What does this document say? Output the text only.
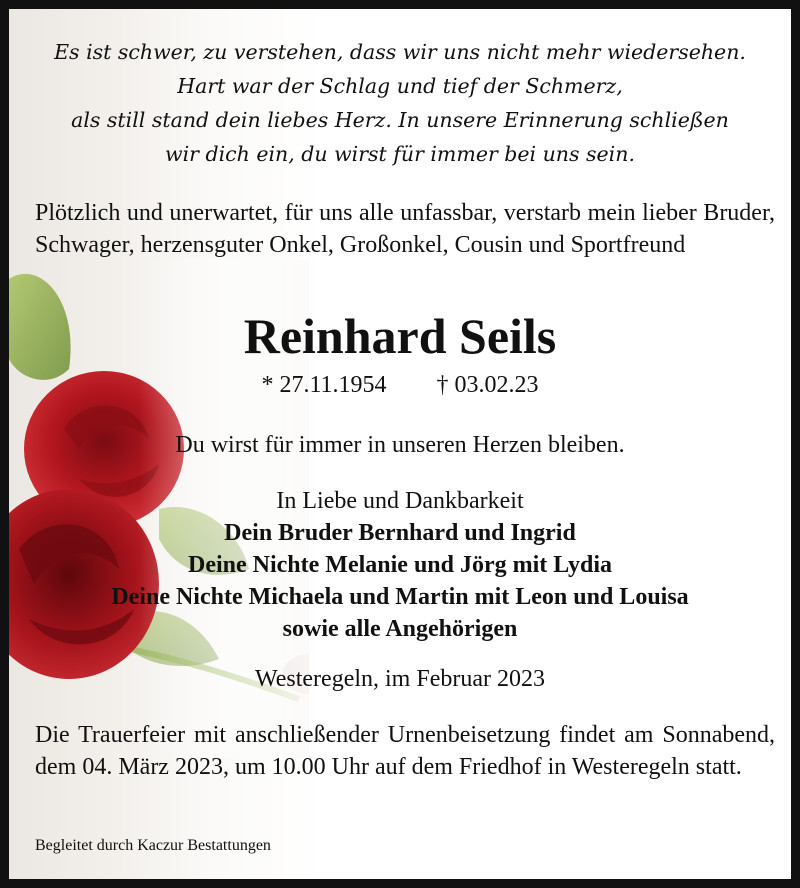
Es ist schwer, zu verstehen, dass wir uns nicht mehr wiedersehen.
Hart war der Schlag und tief der Schmerz,
als still stand dein liebes Herz. In unsere Erinnerung schließen
wir dich ein, du wirst für immer bei uns sein.
Plötzlich und unerwartet, für uns alle unfassbar, verstarb mein lieber Bruder, Schwager, herzensguter Onkel, Großonkel, Cousin und Sportfreund
Reinhard Seils
* 27.11.1954 † 03.02.23
Du wirst für immer in unseren Herzen bleiben.
In Liebe und Dankbarkeit
Dein Bruder Bernhard und Ingrid
Deine Nichte Melanie und Jörg mit Lydia
Deine Nichte Michaela und Martin mit Leon und Louisa
sowie alle Angehörigen
Westeregeln, im Februar 2023
Die Trauerfeier mit anschließender Urnenbeisetzung findet am Sonnabend, dem 04. März 2023, um 10.00 Uhr auf dem Friedhof in Westeregeln statt.
Begleitet durch Kaczur Bestattungen
